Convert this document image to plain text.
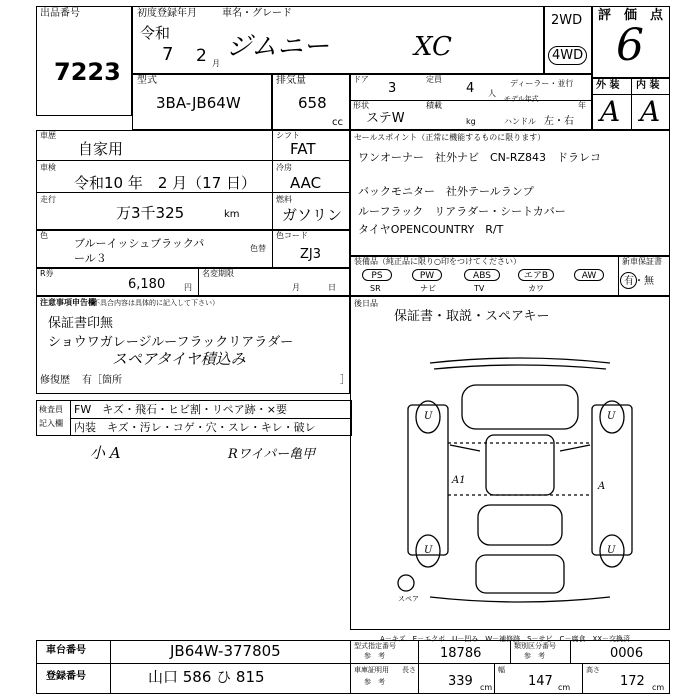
出品番号
7223
初度登録年月	車名・グレード
令和
7 2 月
ジムニー	XC
2WD
4WD
評　価　点
6
外 装 内 装
A A
型式
3BA-JB64W
排気量
658
cc
ドア
3
定員
4 人
ディーラー・並行
形状
ステW
積載
kg
モデル年式
年
ハンドル 左・右
車歴
自家用
シフト
FAT
車検
令和10 年　2 月（17 日）
冷房
AAC
走行
万3千325	km
燃料
ガソリン
セールスポイント（正常に機能するものに限ります）
ワンオーナー　社外ナビ　CN-RZ843　ドラレコ
バックモニター　社外テールランプ
ルーフラック　リアラダー・シートカバー
タイヤOPENCOUNTRY　R/T
色
ブルーイッシュブラックパ
ール３
色替
色コード
ZJ3
R券
6,180 円
名変期限
月	日
装備品（純正品に限り○印をつけてください）
PS
SR
PW
ナビ
ABS
TV
エアB
カワ
AW
新車保証書
有・無
注意事項申告欄
（不具合内容は具体的に記入して下さい）
保証書印無
ショウワガレージルーフラックリアラダー
スペアタイヤ積込み
修復歴 有［箇所	］
後日品
保証書・取説・スペアキー
検査員
記入欄
FW　キズ・飛石・ヒビ割・リペア跡・×要
内装　キズ・汚レ・コゲ・穴・スレ・キレ・破レ
小 A	Rワイパー亀甲
U	U
A1
A
U	U
スペア
A－キズ　E－エクボ　U－凹み　W－補修跡　S－サビ　C－腐食　XX－交換済
車台番号	JB64W-377805
登録番号	山口 586 ひ 815
型式指定番号
参　考	18786	類別区分番号
参　考	0006
車庫証明用
参　考
長さ
339 cm
幅
147 cm
高さ
172 cm
